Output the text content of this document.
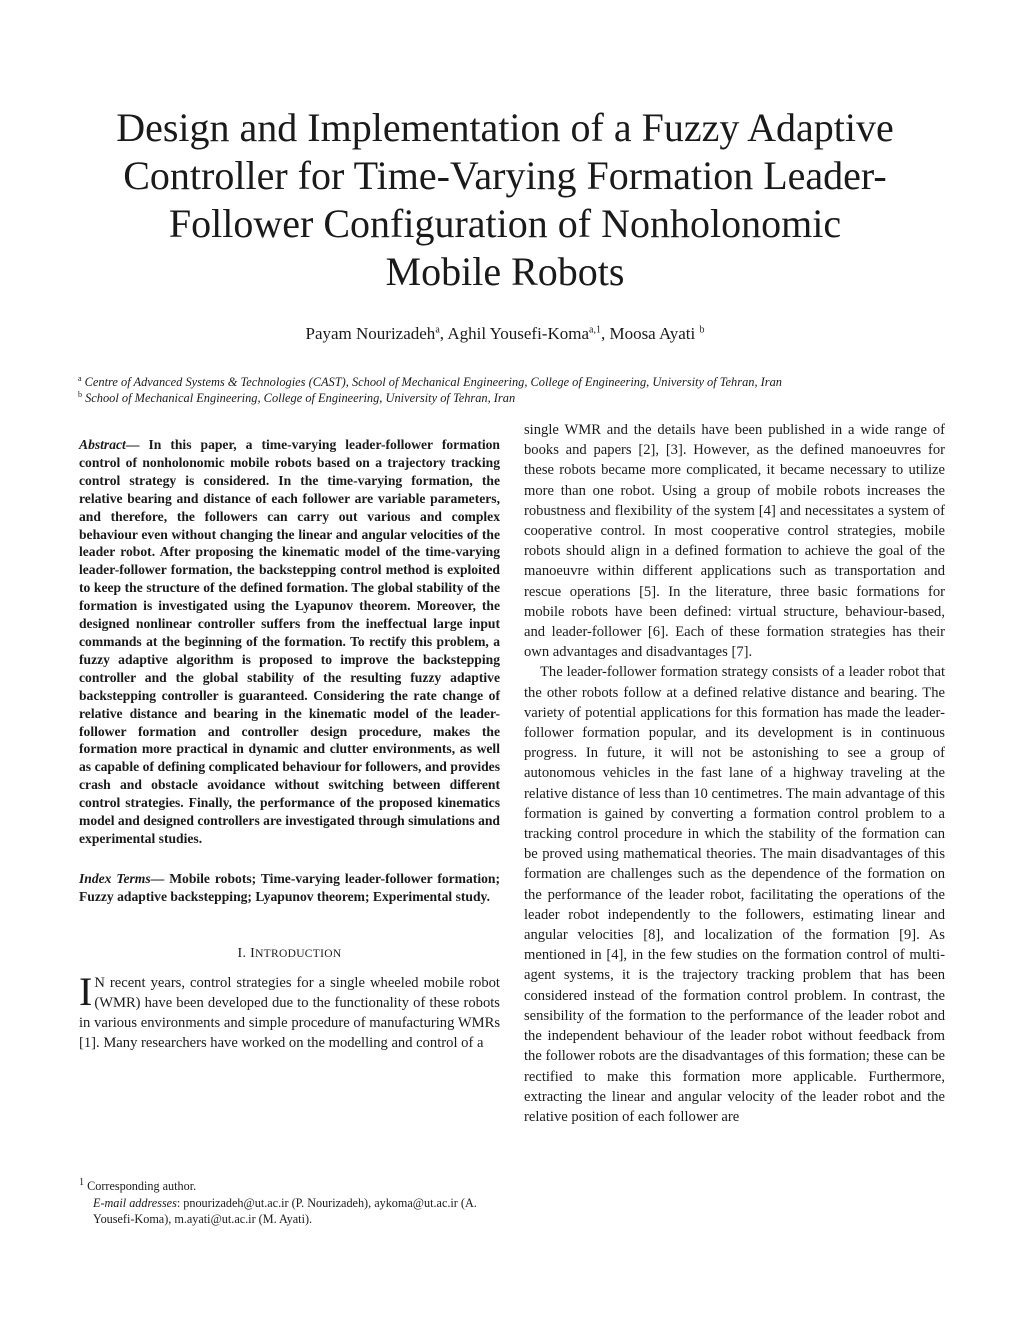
Design and Implementation of a Fuzzy Adaptive
Controller for Time-Varying Formation Leader-
Follower Configuration of Nonholonomic
Mobile Robots
Payam Nourizadeh$^a$, Aghil Yousefi-Koma$^{a,1}$, Moosa Ayati $^b$
$^a$ Centre of Advanced Systems & Technologies (CAST), School of Mechanical Engineering, College of Engineering, University of Tehran, Iran
$^b$ School of Mechanical Engineering, College of Engineering, University of Tehran, Iran

Abstract— In this paper, a time-varying leader-follower formation control of nonholonomic mobile robots based on a trajectory tracking control strategy is considered. In the time-varying formation, the relative bearing and distance of each follower are variable parameters, and therefore, the followers can carry out various and complex behaviour even without changing the linear and angular velocities of the leader robot. After proposing the kinematic model of the time-varying leader-follower formation, the backstepping control method is exploited to keep the structure of the defined formation. The global stability of the formation is investigated using the Lyapunov theorem. Moreover, the designed nonlinear controller suffers from the ineffectual large input commands at the beginning of the formation. To rectify this problem, a fuzzy adaptive algorithm is proposed to improve the backstepping controller and the global stability of the resulting fuzzy adaptive backstepping controller is guaranteed. Considering the rate change of relative distance and bearing in the kinematic model of the leader-follower formation and controller design procedure, makes the formation more practical in dynamic and clutter environments, as well as capable of defining complicated behaviour for followers, and provides crash and obstacle avoidance without switching between different control strategies. Finally, the performance of the proposed kinematics model and designed controllers are investigated through simulations and experimental studies.

Index Terms— Mobile robots; Time-varying leader-follower formation; Fuzzy adaptive backstepping; Lyapunov theorem; Experimental study.

I. INTRODUCTION

I N recent years, control strategies for a single wheeled mobile robot (WMR) have been developed due to the functionality of these robots in various environments and simple procedure of manufacturing WMRs [1]. Many researchers have worked on the modelling and control of a

$^1$ Corresponding author.

E-mail addresses: pnourizadeh@ut.ac.ir (P. Nourizadeh), aykoma@ut.ac.ir (A. Yousefi-Koma), m.ayati@ut.ac.ir (M. Ayati).

single WMR and the details have been published in a wide range of books and papers [2], [3]. However, as the defined manoeuvres for these robots became more complicated, it became necessary to utilize more than one robot. Using a group of mobile robots increases the robustness and flexibility of the system [4] and necessitates a system of cooperative control. In most cooperative control strategies, mobile robots should align in a defined formation to achieve the goal of the manoeuvre within different applications such as transportation and rescue operations [5]. In the literature, three basic formations for mobile robots have been defined: virtual structure, behaviour-based, and leader-follower [6]. Each of these formation strategies has their own advantages and disadvantages [7].

The leader-follower formation strategy consists of a leader robot that the other robots follow at a defined relative distance and bearing. The variety of potential applications for this formation has made the leader-follower formation popular, and its development is in continuous progress. In future, it will not be astonishing to see a group of autonomous vehicles in the fast lane of a highway traveling at the relative distance of less than 10 centimetres. The main advantage of this formation is gained by converting a formation control problem to a tracking control procedure in which the stability of the formation can be proved using mathematical theories. The main disadvantages of this formation are challenges such as the dependence of the formation on the performance of the leader robot, facilitating the operations of the leader robot independently to the followers, estimating linear and angular velocities [8], and localization of the formation [9]. As mentioned in [4], in the few studies on the formation control of multi-agent systems, it is the trajectory tracking problem that has been considered instead of the formation control problem. In contrast, the sensibility of the formation to the performance of the leader robot and the independent behaviour of the leader robot without feedback from the follower robots are the disadvantages of this formation; these can be rectified to make this formation more applicable. Furthermore, extracting the linear and angular velocity of the leader robot and the relative position of each follower are
